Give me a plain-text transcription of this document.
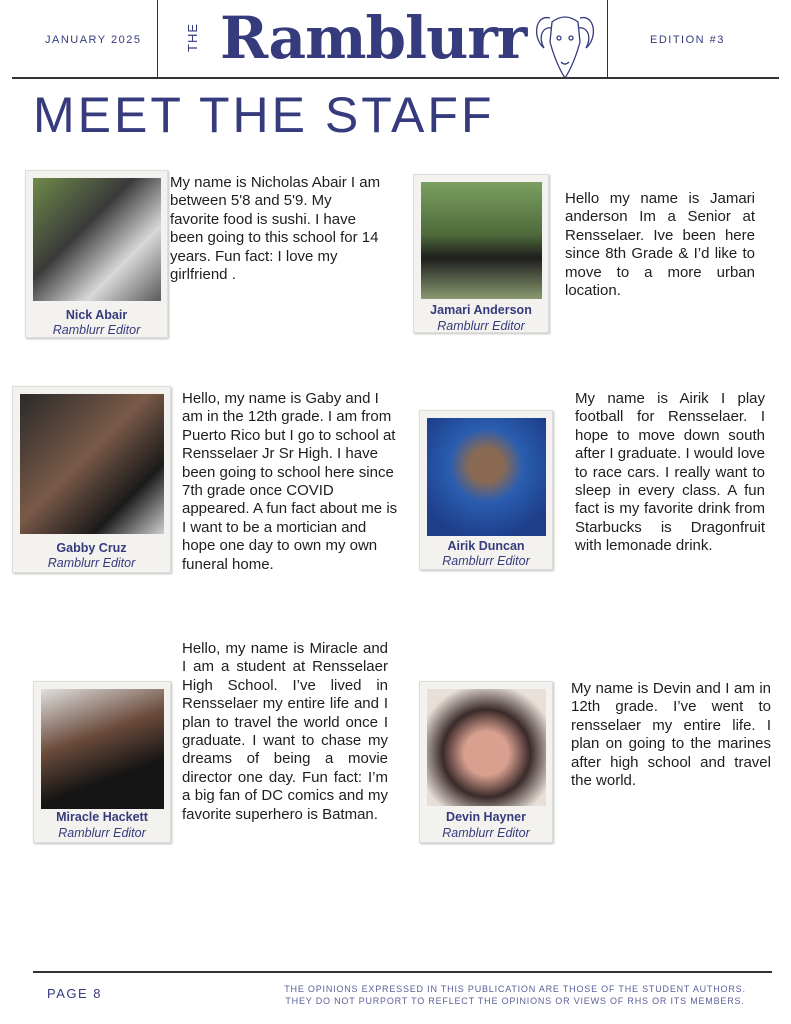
JANUARY 2025	THE Ramblurr	EDITION #3
MEET THE STAFF
Nick Abair
Ramblurr Editor
My name is Nicholas Abair I am between 5'8 and 5'9. My favorite food is sushi. I have been going to this school for 14 years. Fun fact: I love my girlfriend .
Jamari Anderson
Ramblurr Editor
Hello my name is Jamari anderson Im a Senior at Rensselaer. Ive been here since 8th Grade & I’d like to move to a more urban location.
Gabby Cruz
Ramblurr Editor
Hello, my name is Gaby and I am in the 12th grade. I am from Puerto Rico but I go to school at Rensselaer Jr Sr High. I have been going to school here since 7th grade once COVID appeared. A fun fact about me is I want to be a mortician and hope one day to own my own funeral home.
Airik Duncan
Ramblurr Editor
My name is Airik I play football for Rensselaer. I hope to move down south after I graduate. I would love to race cars. I really want to sleep in every class. A fun fact is my favorite drink from Starbucks is Dragonfruit with lemonade drink.
Miracle Hackett
Ramblurr Editor
Hello, my name is Miracle and I am a student at Rensselaer High School. I’ve lived in Rensselaer my entire life and I plan to travel the world once I graduate. I want to chase my dreams of being a movie director one day. Fun fact: I’m a big fan of DC comics and my favorite superhero is Batman.	Devin Hayner
Ramblurr Editor
My name is Devin and I am in 12th grade. I’ve went to rensselaer my entire life. I plan on going to the marines after high school and travel the world.
PAGE 8	THE OPINIONS EXPRESSED IN THIS PUBLICATION ARE THOSE OF THE STUDENT AUTHORS.
THEY DO NOT PURPORT TO REFLECT THE OPINIONS OR VIEWS OF RHS OR ITS MEMBERS.
